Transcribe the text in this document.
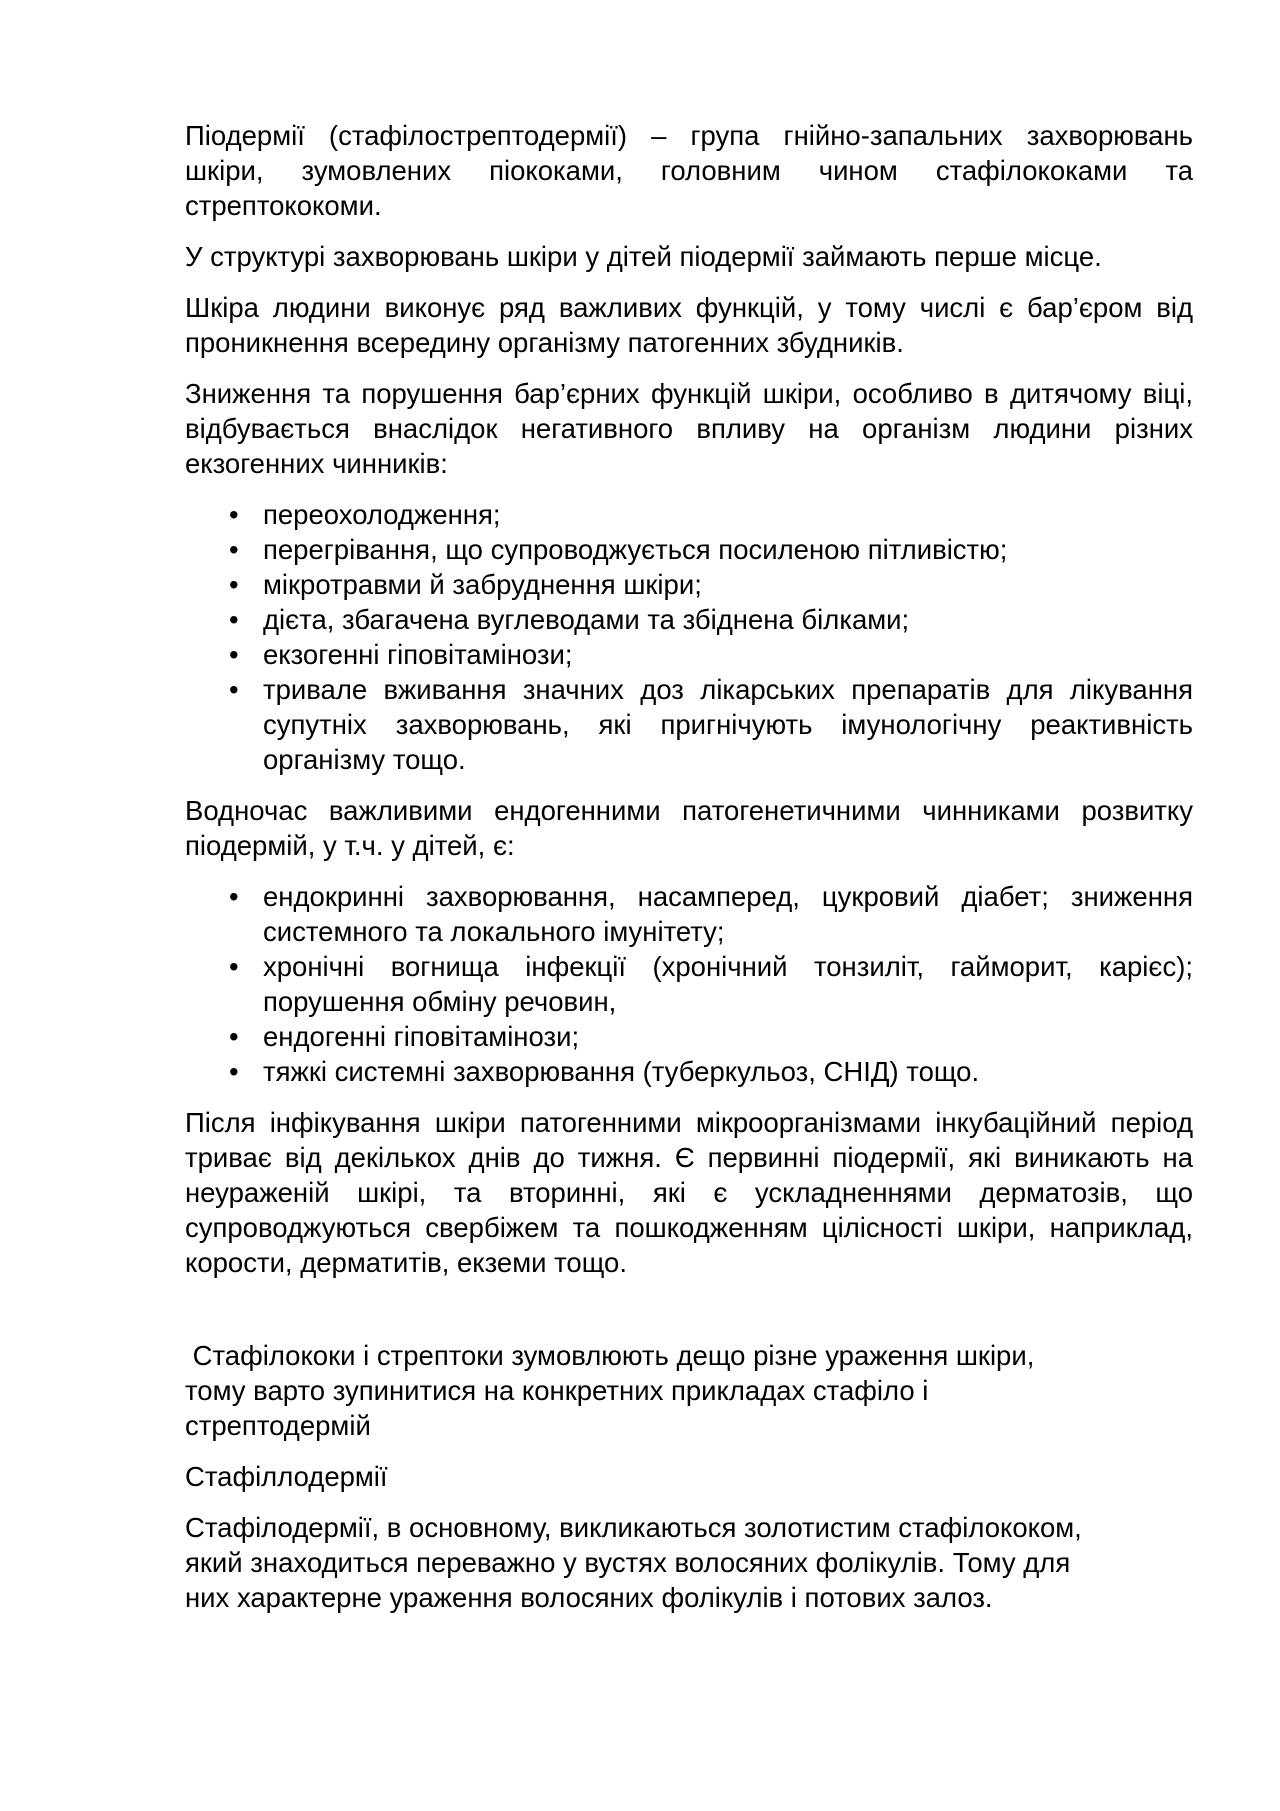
Піодермії (стафілострептодермії) – група гнійно-запальних захворювань шкіри, зумовлених піококами, головним чином стафілококами та стрептококоми.

У структурі захворювань шкіри у дітей піодермії займають перше місце.

Шкіра людини виконує ряд важливих функцій, у тому числі є бар’єром від проникнення всередину організму патогенних збудників.

Зниження та порушення бар’єрних функцій шкіри, особливо в дитячому віці, відбувається внаслідок негативного впливу на організм людини різних екзогенних чинників:

• переохолодження;
• перегрівання, що супроводжується посиленою пітливістю;
• мікротравми й забруднення шкіри;
• дієта, збагачена вуглеводами та збіднена білками;
• екзогенні гіповітамінози;
• тривале вживання значних доз лікарських препаратів для лікування супутніх захворювань, які пригнічують імунологічну реактивність організму тощо.

Водночас важливими ендогенними патогенетичними чинниками розвитку піодермій, у т.ч. у дітей, є:

• ендокринні захворювання, насамперед, цукровий діабет; зниження системного та локального імунітету;
• хронічні вогнища інфекції (хронічний тонзиліт, гайморит, карієс); порушення обміну речовин,
• ендогенні гіповітамінози;
• тяжкі системні захворювання (туберкульоз, СНІД) тощо.

Після інфікування шкіри патогенними мікроорганізмами інкубаційний період триває від декількох днів до тижня. Є первинні піодермії, які виникають на неураженій шкірі, та вторинні, які є ускладненнями дерматозів, що супроводжуються свербіжем та пошкодженням цілісності шкіри, наприклад, корости, дерматитів, екземи тощо.

Стафілококи і стрептоки зумовлюють дещо різне ураження шкіри,
тому варто зупинитися на конкретних прикладах стафіло і
стрептодермій

Стафіллодермії

Стафілодермії, в основному, викликаються золотистим стафілококом,
який знаходиться переважно у вустях волосяних фолікулів. Тому для
них характерне ураження волосяних фолікулів і потових залоз.
